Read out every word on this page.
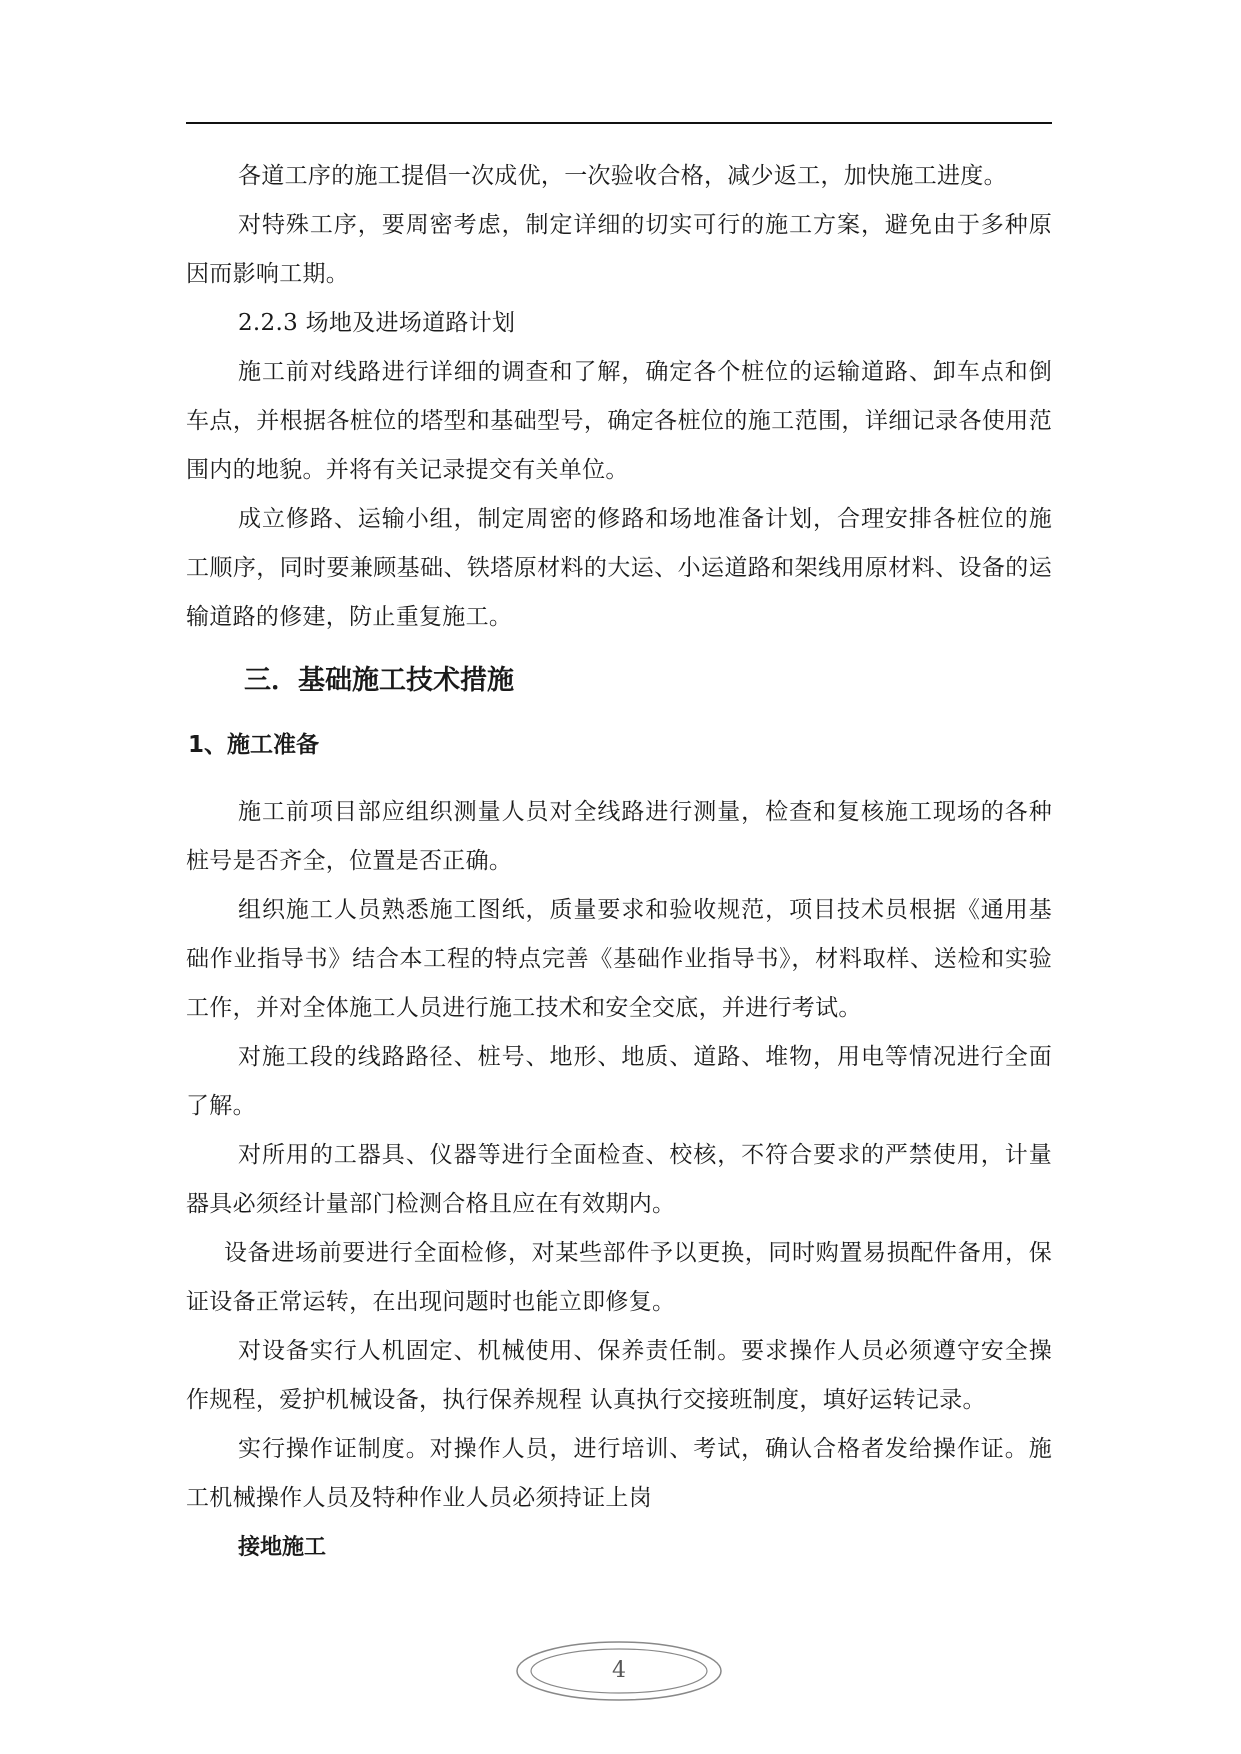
各道工序的施工提倡一次成优，一次验收合格，减少返工，加快施工进度。

对特殊工序，要周密考虑，制定详细的切实可行的施工方案，避免由于多种原因而影响工期。

2.2.3 场地及进场道路计划

施工前对线路进行详细的调查和了解，确定各个桩位的运输道路、卸车点和倒车点，并根据各桩位的塔型和基础型号，确定各桩位的施工范围，详细记录各使用范围内的地貌。并将有关记录提交有关单位。

成立修路、运输小组，制定周密的修路和场地准备计划，合理安排各桩位的施工顺序，同时要兼顾基础、铁塔原材料的大运、小运道路和架线用原材料、设备的运输道路的修建，防止重复施工。

三．基础施工技术措施
1、施工准备

施工前项目部应组织测量人员对全线路进行测量，检查和复核施工现场的各种桩号是否齐全，位置是否正确。

组织施工人员熟悉施工图纸，质量要求和验收规范，项目技术员根据《通用基础作业指导书》结合本工程的特点完善《基础作业指导书》，材料取样、送检和实验工作，并对全体施工人员进行施工技术和安全交底，并进行考试。

对施工段的线路路径、桩号、地形、地质、道路、堆物，用电等情况进行全面了解。

对所用的工器具、仪器等进行全面检查、校核，不符合要求的严禁使用，计量器具必须经计量部门检测合格且应在有效期内。

设备进场前要进行全面检修，对某些部件予以更换，同时购置易损配件备用，保证设备正常运转，在出现问题时也能立即修复。

对设备实行人机固定、机械使用、保养责任制。要求操作人员必须遵守安全操作规程，爱护机械设备，执行保养规程 认真执行交接班制度，填好运转记录。

实行操作证制度。对操作人员，进行培训、考试，确认合格者发给操作证。施工机械操作人员及特种作业人员必须持证上岗

接地施工
4
